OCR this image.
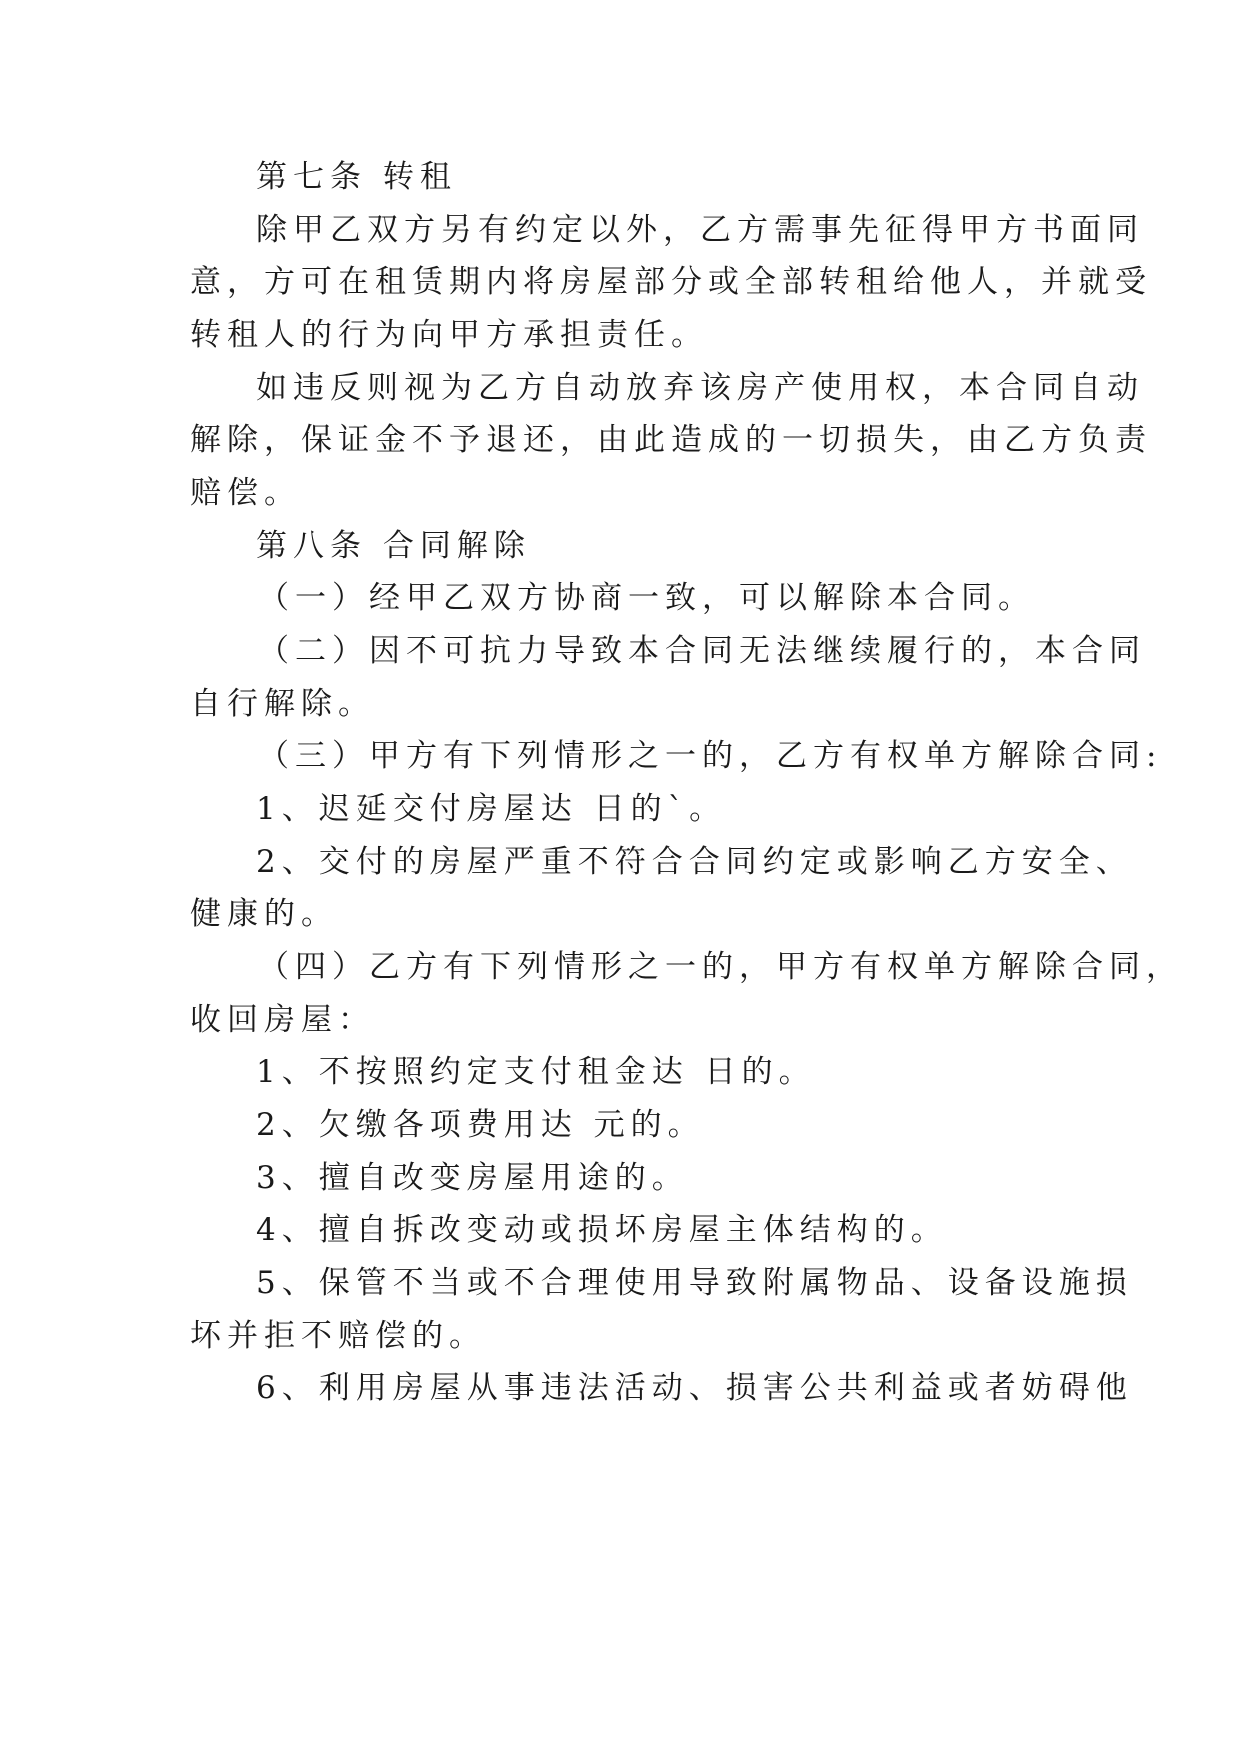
第七条 转租
除甲乙双方另有约定以外，乙方需事先征得甲方书面同
意，方可在租赁期内将房屋部分或全部转租给他人，并就受
转租人的行为向甲方承担责任。
如违反则视为乙方自动放弃该房产使用权，本合同自动
解除，保证金不予退还，由此造成的一切损失，由乙方负责
赔偿。
第八条 合同解除
（一）经甲乙双方协商一致，可以解除本合同。
（二）因不可抗力导致本合同无法继续履行的，本合同
自行解除。
（三）甲方有下列情形之一的，乙方有权单方解除合同:
1、迟延交付房屋达 日的`。
2、交付的房屋严重不符合合同约定或影响乙方安全、
健康的。
（四）乙方有下列情形之一的，甲方有权单方解除合同，
收回房屋：
1、不按照约定支付租金达 日的。
2、欠缴各项费用达 元的。
3、擅自改变房屋用途的。
4、擅自拆改变动或损坏房屋主体结构的。
5、保管不当或不合理使用导致附属物品、设备设施损
坏并拒不赔偿的。
6、利用房屋从事违法活动、损害公共利益或者妨碍他
